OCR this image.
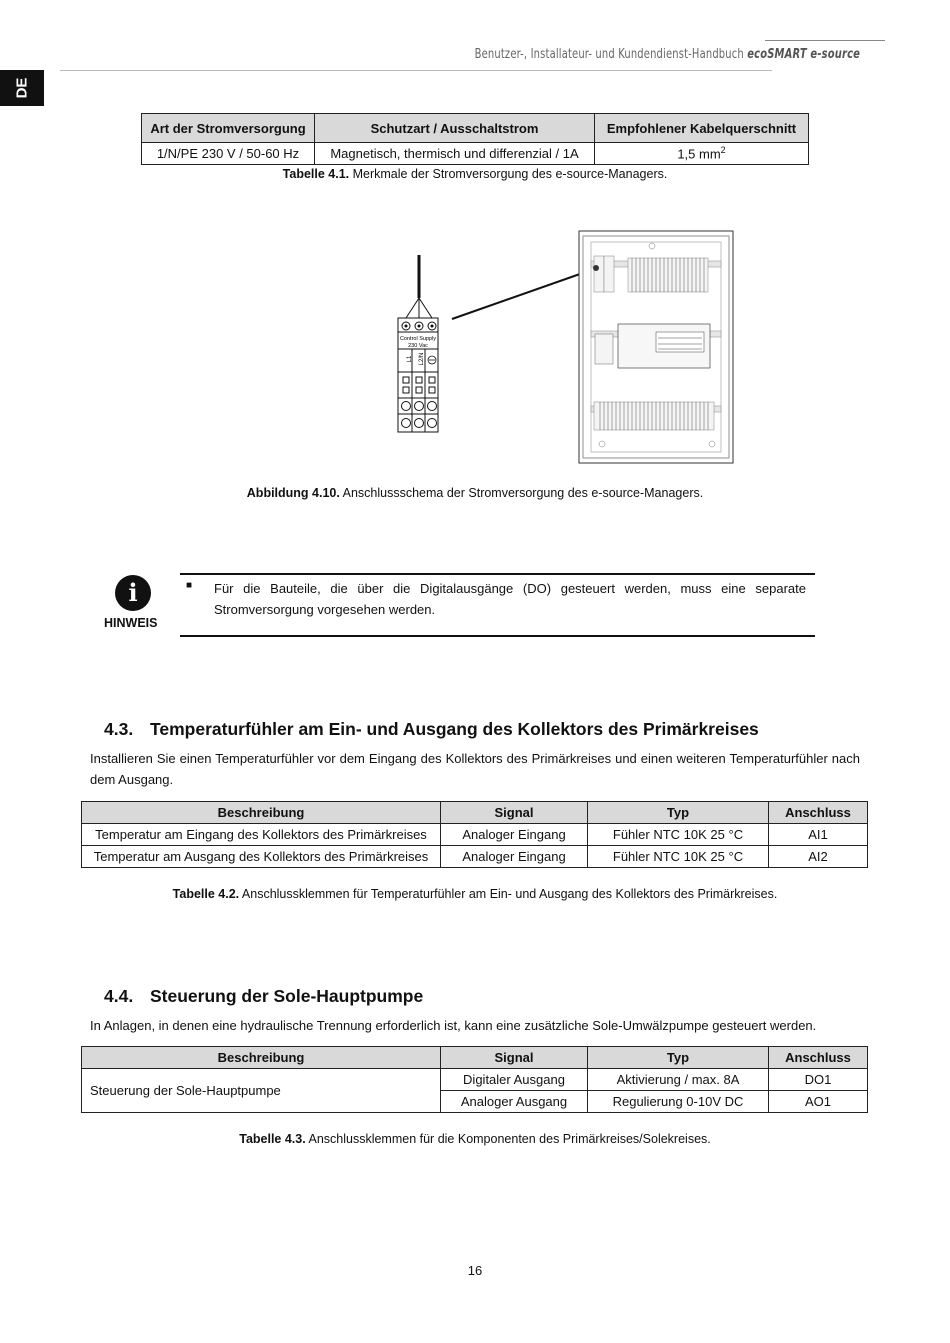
Benutzer-, Installateur- und Kundendienst-Handbuch ecoSMART e-source
DE
Art der Stromversorgung	Schutzart / Ausschaltstrom	Empfohlener Kabelquerschnitt
1/N/PE 230 V / 50-60 Hz	Magnetisch, thermisch und differenzial / 1A	1,5 $mm^2$
Tabelle 4.1. Merkmale der Stromversorgung des e-source-Managers.
Control Supply
230 Vac
L1 L2/N
Abbildung 4.10. Anschlussschema der Stromversorgung des e-source-Managers.
i
HINWEIS
■ Für die Bauteile, die über die Digitalausgänge (DO) gesteuert werden, muss eine separate Stromversorgung vorgesehen werden.
4.3. Temperaturfühler am Ein- und Ausgang des Kollektors des Primärkreises
Installieren Sie einen Temperaturfühler vor dem Eingang des Kollektors des Primärkreises und einen weiteren Temperaturfühler nach dem Ausgang.
Beschreibung	Signal	Typ	Anschluss
Temperatur am Eingang des Kollektors des Primärkreises	Analoger Eingang	Fühler NTC 10K 25 °C	AI1
Temperatur am Ausgang des Kollektors des Primärkreises	Analoger Eingang	Fühler NTC 10K 25 °C	AI2
Tabelle 4.2. Anschlussklemmen für Temperaturfühler am Ein- und Ausgang des Kollektors des Primärkreises.
4.4. Steuerung der Sole-Hauptpumpe
In Anlagen, in denen eine hydraulische Trennung erforderlich ist, kann eine zusätzliche Sole-Umwälzpumpe gesteuert werden.
Beschreibung	Signal	Typ	Anschluss
Steuerung der Sole-Hauptpumpe	Digitaler Ausgang	Aktivierung / max. 8A	DO1
	Analoger Ausgang	Regulierung 0-10V DC	AO1
Tabelle 4.3. Anschlussklemmen für die Komponenten des Primärkreises/Solekreises.
16
